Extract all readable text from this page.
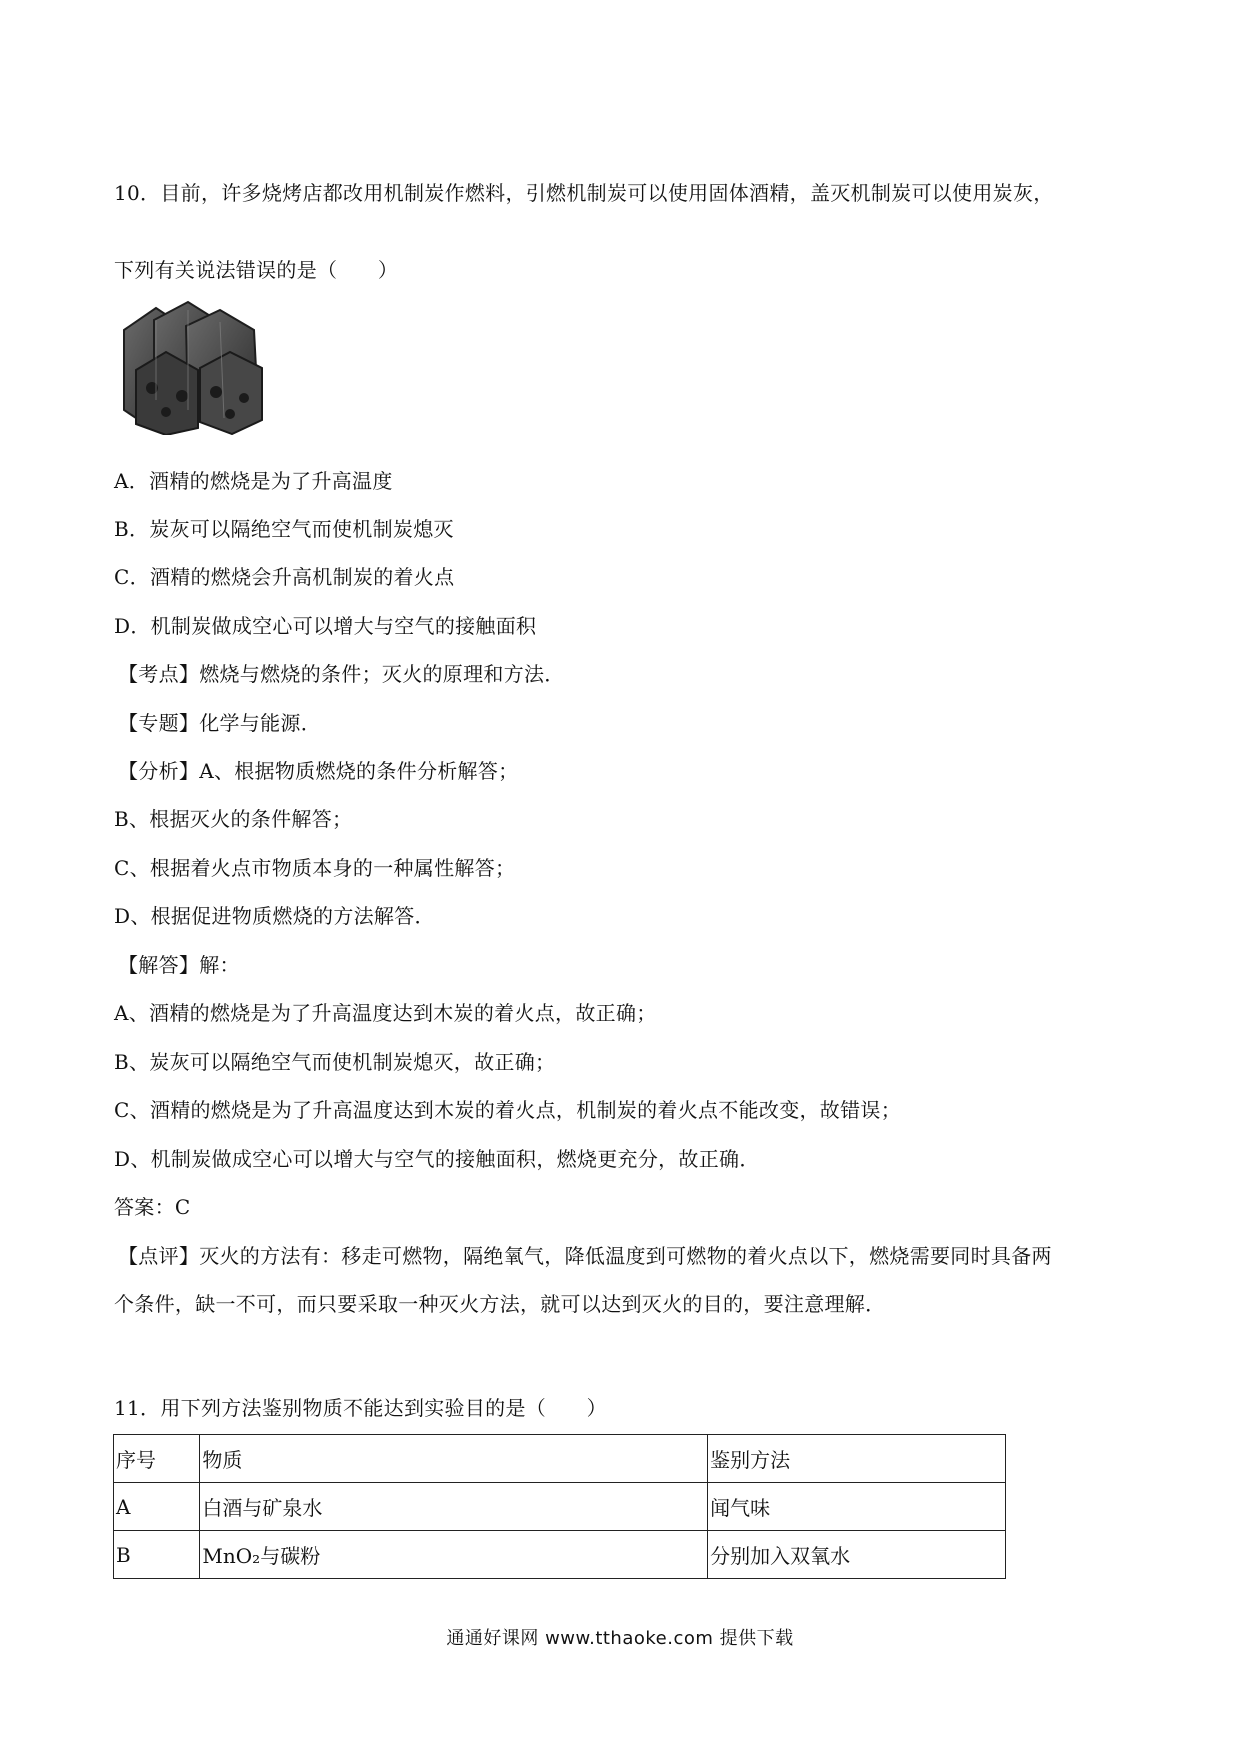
10．目前，许多烧烤店都改用机制炭作燃料，引燃机制炭可以使用固体酒精，盖灭机制炭可以使用炭灰，
下列有关说法错误的是（　　）
A．酒精的燃烧是为了升高温度
B．炭灰可以隔绝空气而使机制炭熄灭
C．酒精的燃烧会升高机制炭的着火点
D．机制炭做成空心可以增大与空气的接触面积
【考点】燃烧与燃烧的条件；灭火的原理和方法．
【专题】化学与能源．
【分析】A、根据物质燃烧的条件分析解答；
B、根据灭火的条件解答；
C、根据着火点市物质本身的一种属性解答；
D、根据促进物质燃烧的方法解答．
【解答】解：
A、酒精的燃烧是为了升高温度达到木炭的着火点，故正确；
B、炭灰可以隔绝空气而使机制炭熄灭，故正确；
C、酒精的燃烧是为了升高温度达到木炭的着火点，机制炭的着火点不能改变，故错误；
D、机制炭做成空心可以增大与空气的接触面积，燃烧更充分，故正确．
答案：C
【点评】灭火的方法有：移走可燃物，隔绝氧气，降低温度到可燃物的着火点以下，燃烧需要同时具备两
个条件，缺一不可，而只要采取一种灭火方法，就可以达到灭火的目的，要注意理解．
11．用下列方法鉴别物质不能达到实验目的是（　　）
序号	物质	鉴别方法
A	白酒与矿泉水	闻气味
B	MnO₂与碳粉	分别加入双氧水
通通好课网 www.tthaoke.com 提供下载
